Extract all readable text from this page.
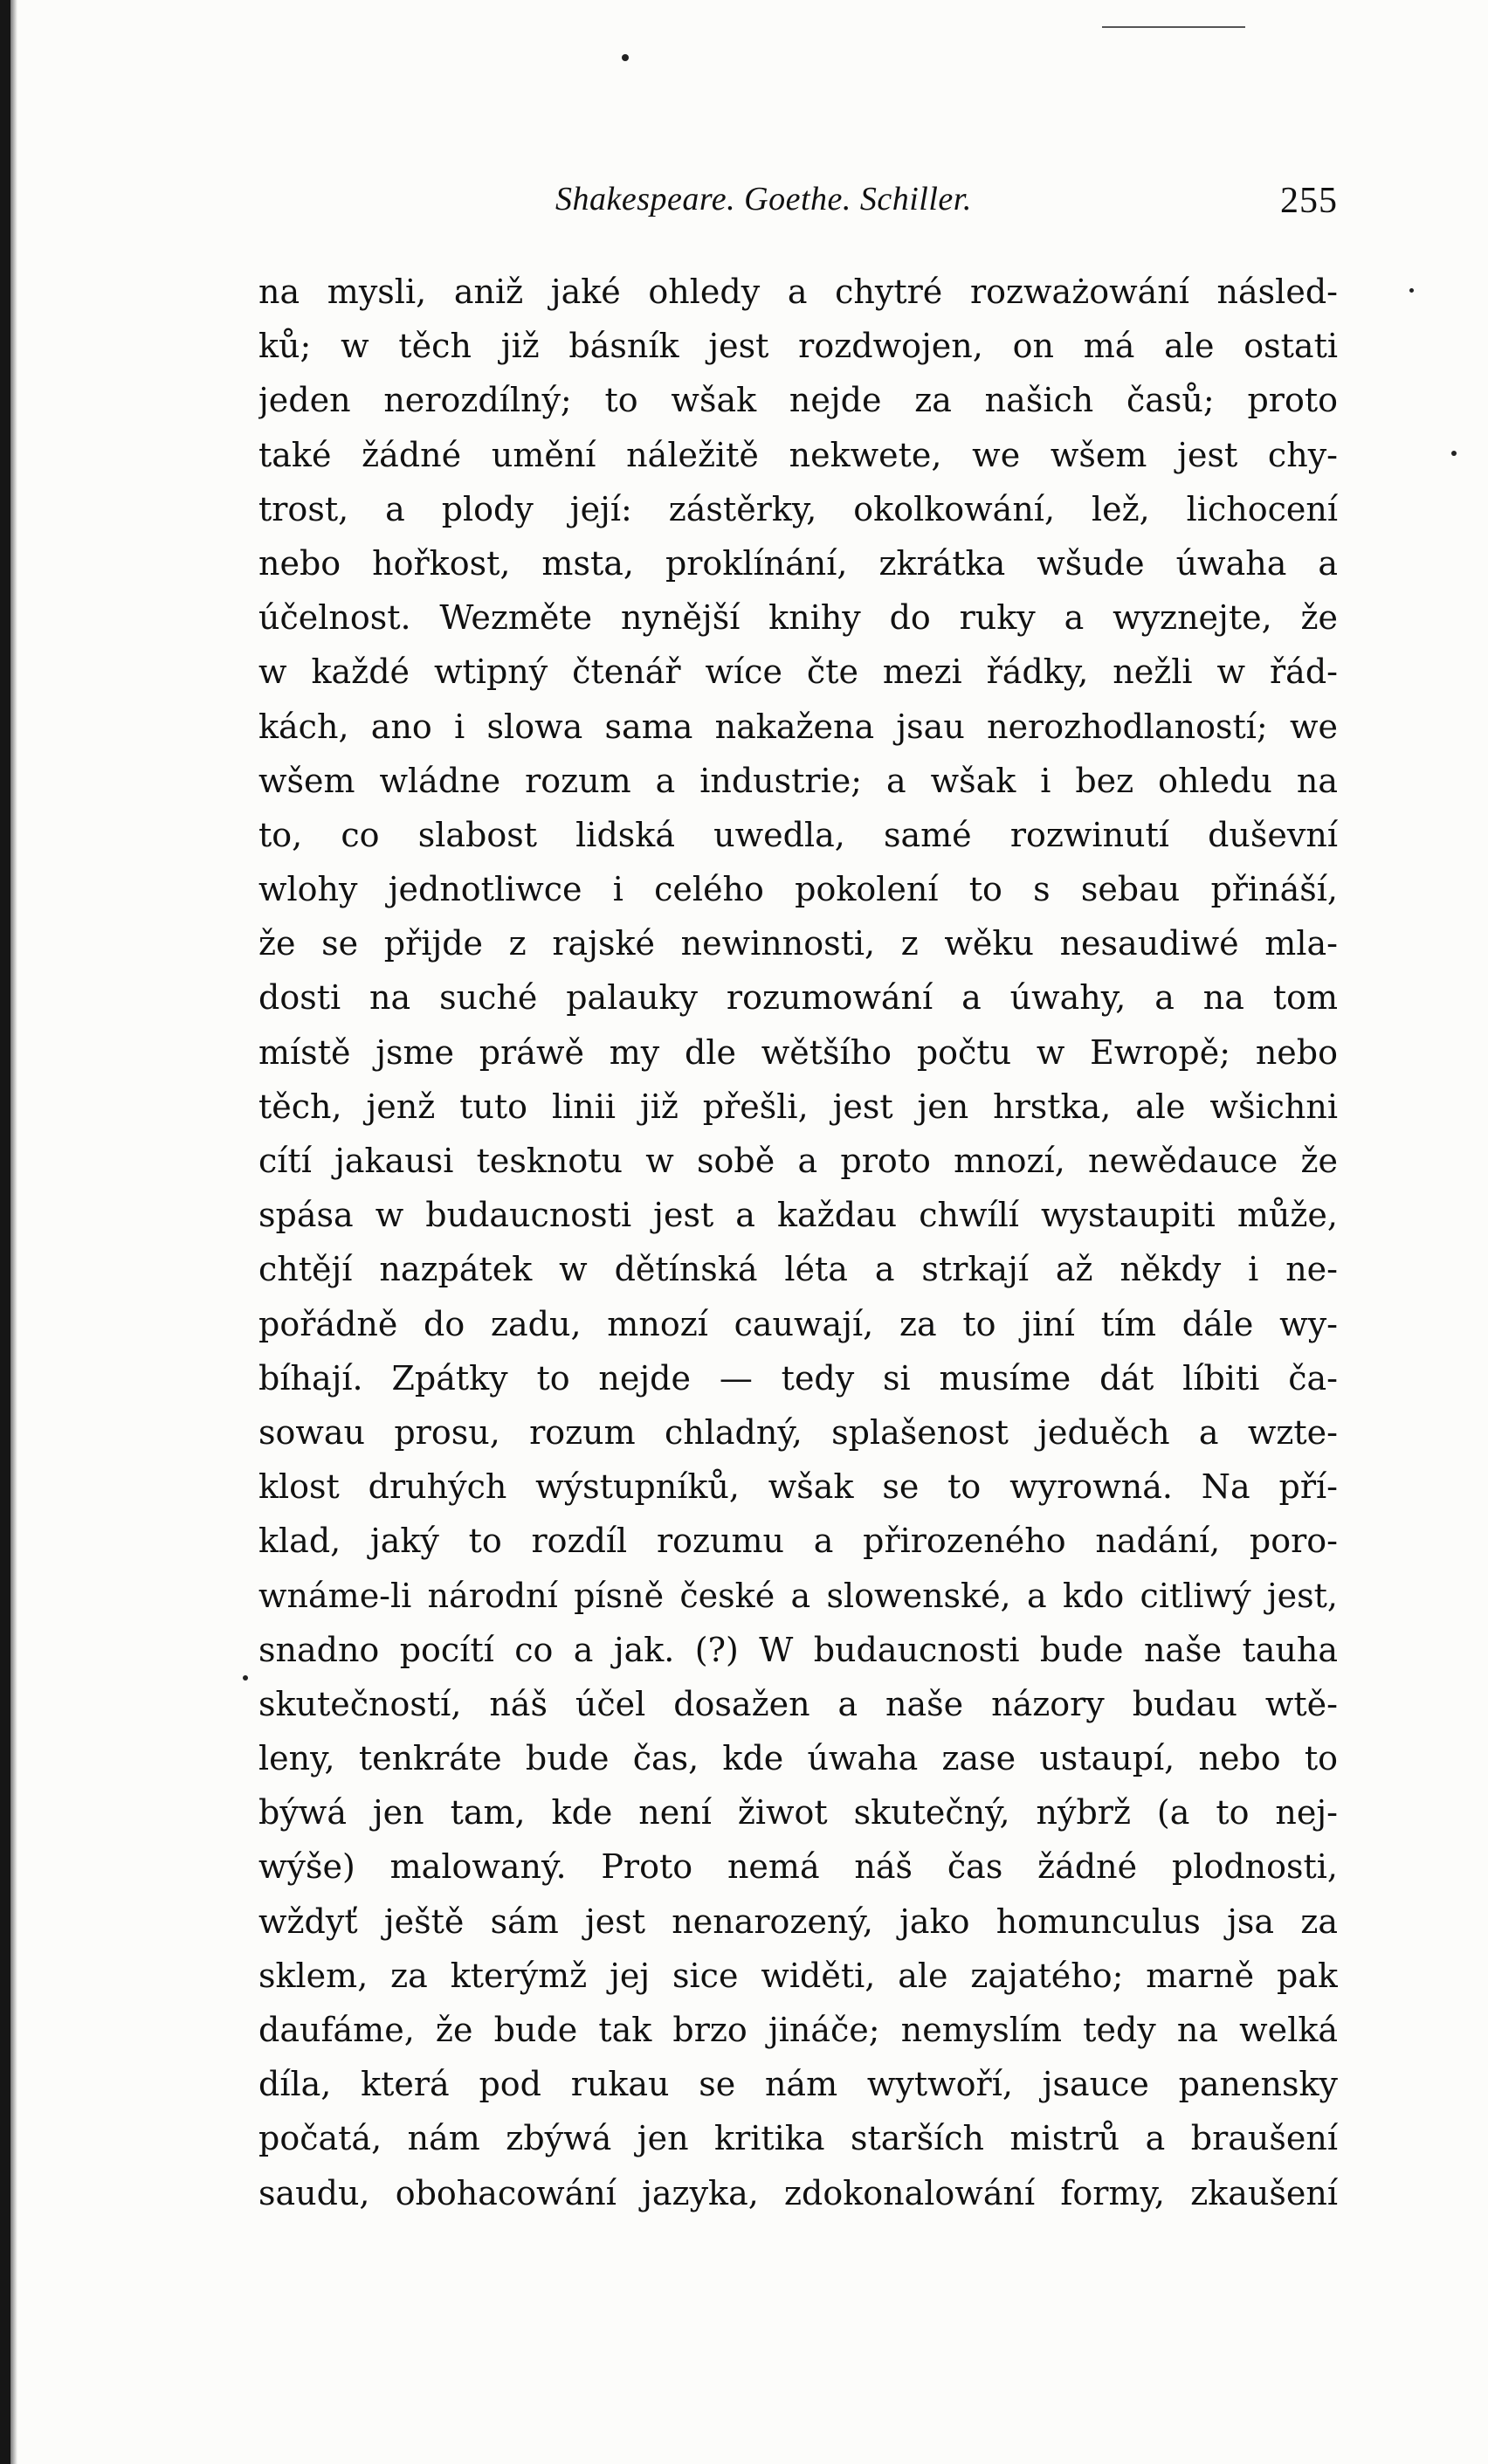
Shakespeare. Goethe. Schiller.	255
na mysli, aniž jaké ohledy a chytré rozważowání násled-
ků; w těch již básník jest rozdwojen, on má ale ostati
jeden nerozdílný; to wšak nejde za našich časů; proto
také žádné umění náležitě nekwete, we wšem jest chy-
trost, a plody její: zástěrky, okolkowání, lež, lichocení
nebo hořkost, msta, proklínání, zkrátka wšude úwaha a
účelnost. Wezměte nynější knihy do ruky a wyznejte, že
w každé wtipný čtenář wíce čte mezi řádky, nežli w řád-
kách, ano i slowa sama nakažena jsau nerozhodlaností; we
wšem wládne rozum a industrie; a wšak i bez ohledu na
to, co slabost lidská uwedla, samé rozwinutí duševní
wlohy jednotliwce i celého pokolení to s sebau přináší,
že se přijde z rajské newinnosti, z wěku nesaudiwé mla-
dosti na suché palauky rozumowání a úwahy, a na tom
místě jsme práwě my dle wětšího počtu w Ewropě; nebo
těch, jenž tuto linii již přešli, jest jen hrstka, ale wšichni
cítí jakausi tesknotu w sobě a proto mnozí, newědauce že
spása w budaucnosti jest a každau chwílí wystaupiti může,
chtějí nazpátek w dětínská léta a strkají až někdy i ne-
pořádně do zadu, mnozí cauwají, za to jiní tím dále wy-
bíhají. Zpátky to nejde — tedy si musíme dát líbiti ča-
sowau prosu, rozum chladný, splašenost jeduěch a wzte-
klost druhých wýstupníků, wšak se to wyrowná. Na pří-
klad, jaký to rozdíl rozumu a přirozeného nadání, poro-
wnáme-li národní písně české a slowenské, a kdo citliwý jest,
snadno pocítí co a jak. (?) W budaucnosti bude naše tauha
skutečností, náš účel dosažen a naše názory budau wtě-
leny, tenkráte bude čas, kde úwaha zase ustaupí, nebo to
býwá jen tam, kde není žiwot skutečný, nýbrž (a to nej-
wýše) malowaný. Proto nemá náš čas žádné plodnosti,
wždyť ještě sám jest nenarozený, jako homunculus jsa za
sklem, za kterýmž jej sice widěti, ale zajatého; marně pak
daufáme, že bude tak brzo jináče; nemyslím tedy na welká
díla, která pod rukau se nám wytwoří, jsauce panensky
počatá, nám zbýwá jen kritika starších mistrů a braušení
saudu, obohacowání jazyka, zdokonalowání formy, zkaušení
